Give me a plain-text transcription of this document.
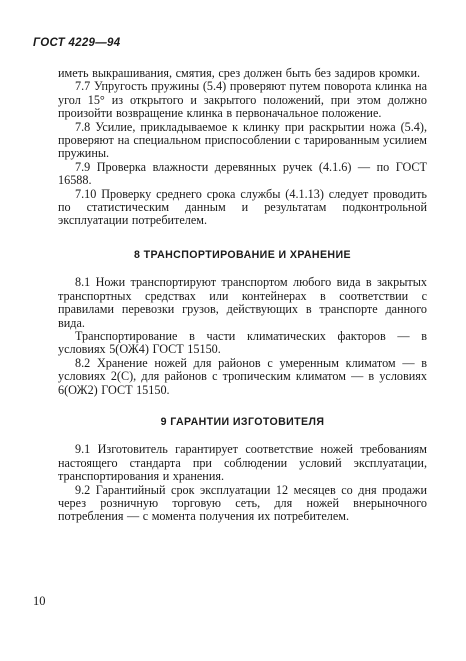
ГОСТ 4229—94

иметь выкрашивания, смятия, срез должен быть без задиров кромки.

7.7 Упругость пружины (5.4) проверяют путем поворота клинка на угол 15° из открытого и закрытого положений, при этом должно произойти возвращение клинка в первоначальное положение.

7.8 Усилие, прикладываемое к клинку при раскрытии ножа (5.4), проверяют на специальном приспособлении с тарированным усилием пружины.

7.9 Проверка влажности деревянных ручек (4.1.6) — по ГОСТ 16588.

7.10 Проверку среднего срока службы (4.1.13) следует проводить по статистическим данным и результатам подконтрольной эксплуатации потребителем.

8 ТРАНСПОРТИРОВАНИЕ И ХРАНЕНИЕ

8.1 Ножи транспортируют транспортом любого вида в закрытых транспортных средствах или контейнерах в соответствии с правилами перевозки грузов, действующих в транспорте данного вида.

Транспортирование в части климатических факторов — в условиях 5(ОЖ4) ГОСТ 15150.

8.2 Хранение ножей для районов с умеренным климатом — в условиях 2(С), для районов с тропическим климатом — в условиях 6(ОЖ2) ГОСТ 15150.

9 ГАРАНТИИ ИЗГОТОВИТЕЛЯ

9.1 Изготовитель гарантирует соответствие ножей требованиям настоящего стандарта при соблюдении условий эксплуатации, транспортирования и хранения.

9.2 Гарантийный срок эксплуатации 12 месяцев со дня продажи через розничную торговую сеть, для ножей внерыночного потребления — с момента получения их потребителем.

10
